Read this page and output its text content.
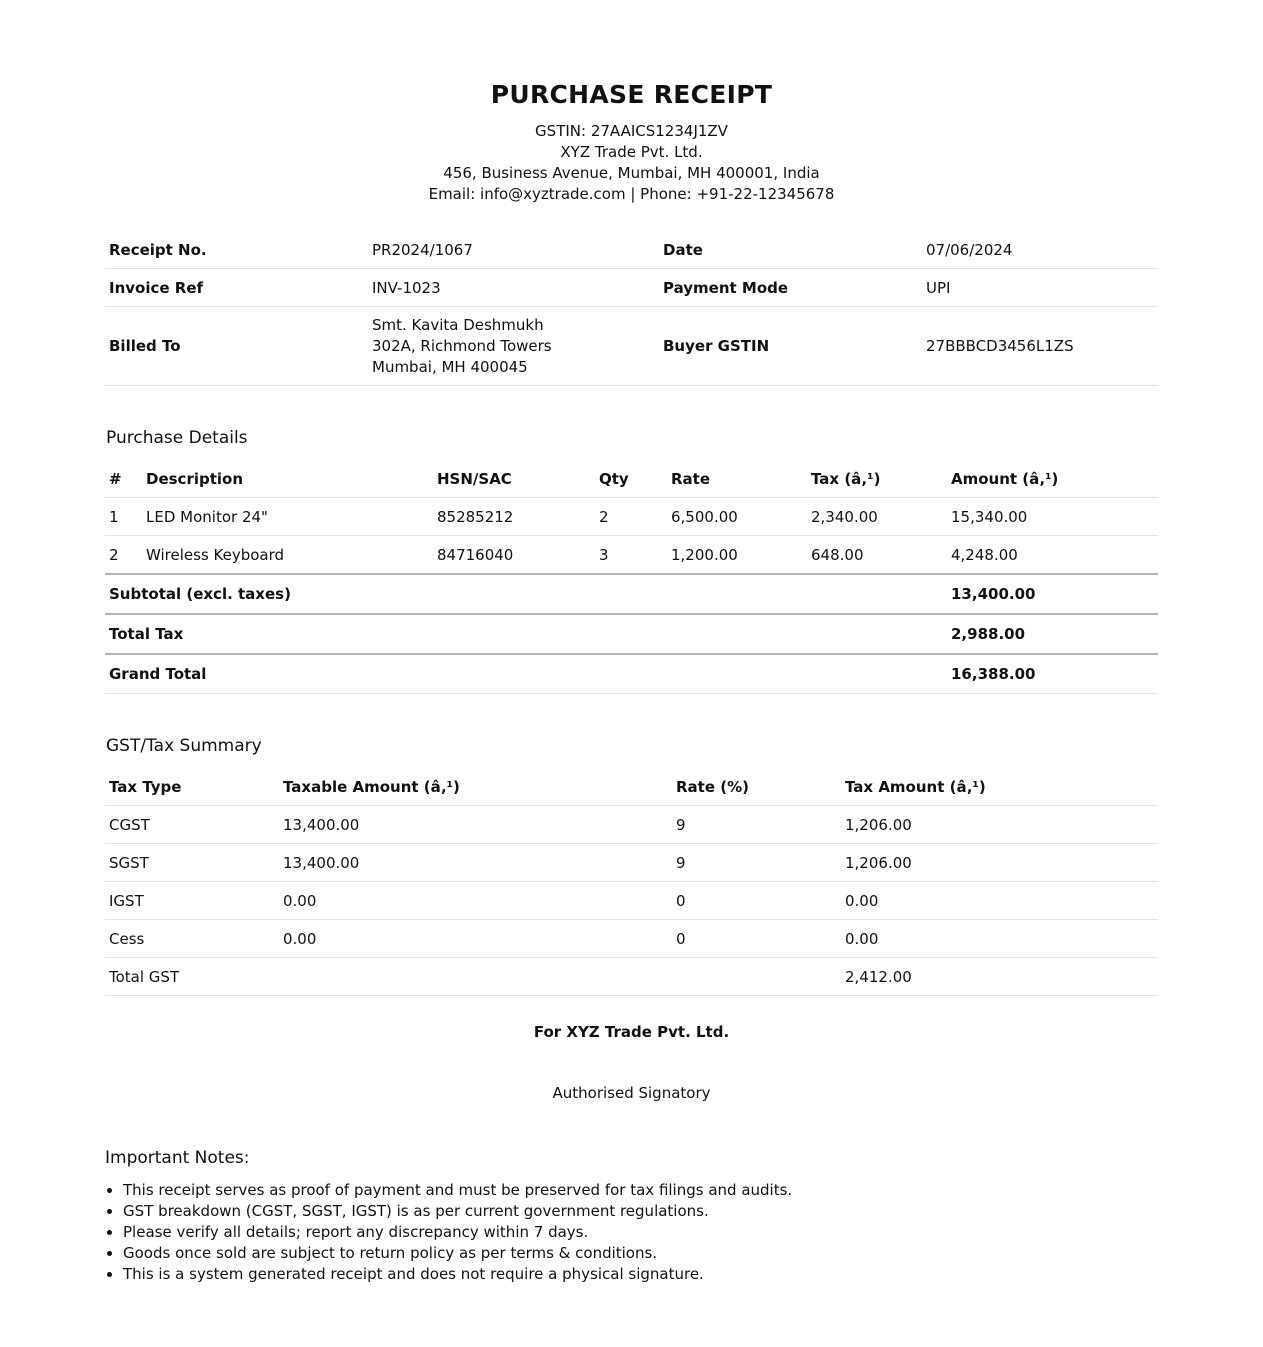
PURCHASE RECEIPT
GSTIN: 27AAICS1234J1ZV
XYZ Trade Pvt. Ltd.
456, Business Avenue, Mumbai, MH 400001, India
Email: info@xyztrade.com | Phone: +91-22-12345678
Receipt No.	PR2024/1067	Date	07/06/2024
Invoice Ref	INV-1023	Payment Mode	UPI
Billed To	Smt. Kavita Deshmukh
302A, Richmond Towers
Mumbai, MH 400045	Buyer GSTIN	27BBBCD3456L1ZS
Purchase Details
#	Description	HSN/SAC	Qty	Rate	Tax (â‚¹)	Amount (â‚¹)
1	LED Monitor 24"	85285212	2	6,500.00	2,340.00	15,340.00
2	Wireless Keyboard	84716040	3	1,200.00	648.00	4,248.00
Subtotal (excl. taxes)						13,400.00
Total Tax						2,988.00
Grand Total						16,388.00
GST/Tax Summary
Tax Type	Taxable Amount (â‚¹)	Rate (%)	Tax Amount (â‚¹)
CGST	13,400.00	9	1,206.00
SGST	13,400.00	9	1,206.00
IGST	0.00	0	0.00
Cess	0.00	0	0.00
Total GST			2,412.00
For XYZ Trade Pvt. Ltd.
Authorised Signatory
Important Notes:
• This receipt serves as proof of payment and must be preserved for tax filings and audits.
• GST breakdown (CGST, SGST, IGST) is as per current government regulations.
• Please verify all details; report any discrepancy within 7 days.
• Goods once sold are subject to return policy as per terms & conditions.
• This is a system generated receipt and does not require a physical signature.
